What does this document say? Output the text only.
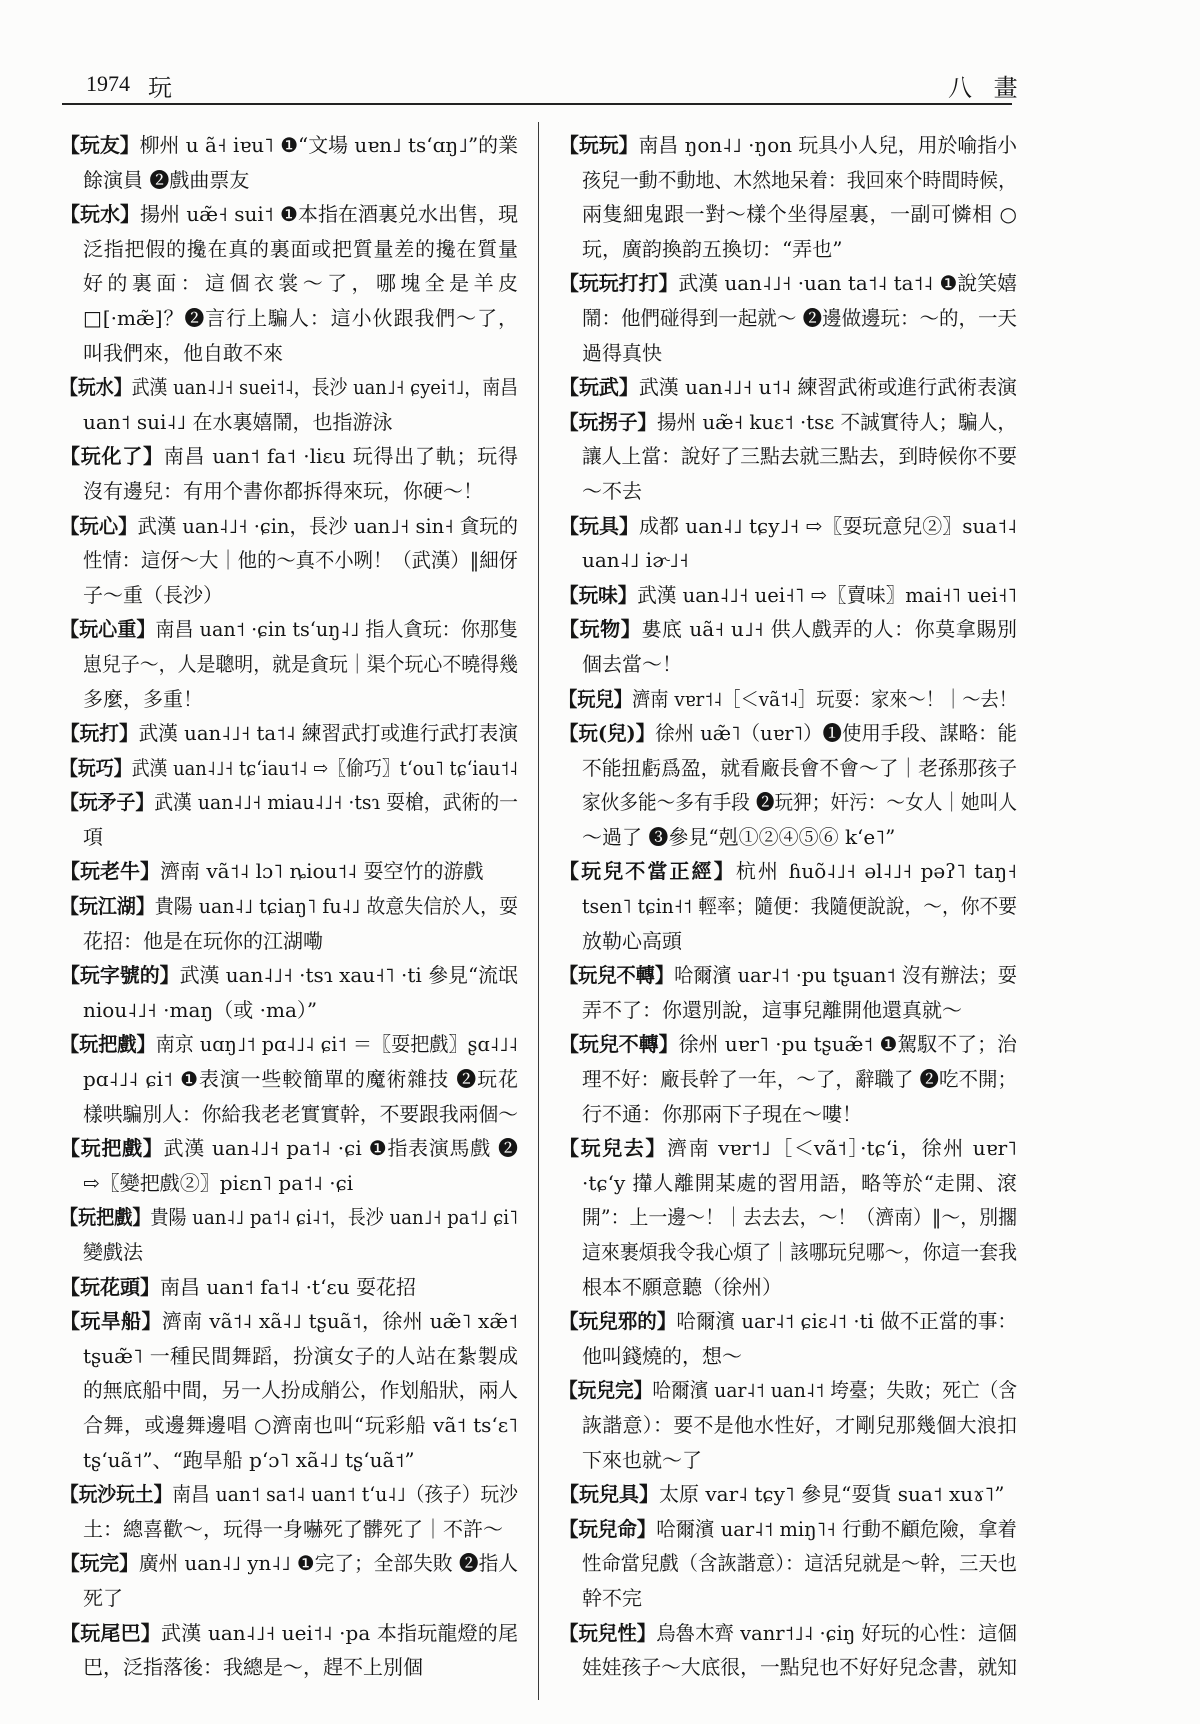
1974 玩	八 畫
【玩友】柳州 u ã˧ iɐu˥ ❶“文場 uɐn˩ tsʻɑŋ˩”的業
餘演員 ❷戲曲票友
【玩水】揚州 uæ̃˧ sui˦ ❶本指在酒裏兑水出售，現
泛指把假的攙在真的裏面或把質量差的攙在質量
好的裏面：這個衣裳～了，哪塊全是羊皮
□[·mæ̃]？❷言行上騙人：這小伙跟我們～了，
叫我們來，他自敢不來
【玩水】武漢 uan˨˩˧ suei˦˨，長沙 uan˩˧ ɕyei˦˩，南昌
uan˦ sui˨˩ 在水裏嬉鬧，也指游泳
【玩化了】南昌 uan˦ fa˦ ·liɛu 玩得出了軌；玩得
沒有邊兒：有用个書你都拆得來玩，你硬～！
【玩心】武漢 uan˨˩˧ ·ɕin，長沙 uan˩˧ sin˧ 貪玩的
性情：這伢～大｜他的～真不小咧！（武漢）‖細伢
子～重（長沙）
【玩心重】南昌 uan˦ ·ɕin tsʻuŋ˨˩ 指人貪玩：你那隻
崽兒子～，人是聰明，就是貪玩｜渠个玩心不曉得幾
多麼，多重！
【玩打】武漢 uan˨˩˧ ta˦˨ 練習武打或進行武打表演
【玩巧】武漢 uan˨˩˧ tɕʻiau˦˨ ⇨〖偷巧〗tʻou˥ tɕʻiau˦˨
【玩矛子】武漢 uan˨˩˧ miau˨˩˧ ·tsɿ 耍槍，武術的一
項
【玩老牛】濟南 vã˦˨ lɔ˥ ȵiou˦˨ 耍空竹的游戲
【玩江湖】貴陽 uan˨˩ tɕiaŋ˥ fu˨˩ 故意失信於人，耍
花招：他是在玩你的江湖嘞
【玩字號的】武漢 uan˨˩˧ ·tsɿ xau˧˥ ·ti 參見“流氓
niou˨˩˧ ·maŋ（或 ·ma）”
【玩把戲】南京 uɑŋ˩˦ pɑ˨˩˨ ɕi˦ ＝〖耍把戲〗ʂɑ˨˩˨
pɑ˨˩˨ ɕi˦ ❶表演一些較簡單的魔術雜技 ❷玩花
樣哄騙別人：你給我老老實實幹，不要跟我兩個～
【玩把戲】武漢 uan˨˩˧ pa˦˨ ·ɕi ❶指表演馬戲 ❷
⇨〖變把戲②〗piɛn˥ pa˦˨ ·ɕi
【玩把戲】貴陽 uan˨˩ pa˦˨ ɕi˨˦，長沙 uan˩˧ pa˦˩ ɕi˥
變戲法
【玩花頭】南昌 uan˦ fa˦˨ ·tʻɛu 耍花招
【玩旱船】濟南 vã˦˨ xã˨˩ tʂuã˦，徐州 uæ̃˥ xæ̃˦
tʂuæ̃˥ 一種民間舞蹈，扮演女子的人站在紮製成
的無底船中間，另一人扮成艄公，作划船狀，兩人
合舞，或邊舞邊唱 ○濟南也叫“玩彩船 vã˦ tsʻɛ˥
tʂʻuã˦”、“跑旱船 pʻɔ˥ xã˨˩ tʂʻuã˦”
【玩沙玩土】南昌 uan˦ sa˦˨ uan˦ tʻu˨˩（孩子）玩沙
土：總喜歡～，玩得一身嚇死了髒死了｜不許～
【玩完】廣州 uan˨˩ yn˨˩ ❶完了；全部失敗 ❷指人
死了
【玩尾巴】武漢 uan˨˩˧ uei˦˨ ·pa 本指玩龍燈的尾
巴，泛指落後：我總是～，趕不上別個
【玩玩】南昌 ŋon˨˩ ·ŋon 玩具小人兒，用於喻指小
孩兒一動不動地、木然地呆着：我回來个時間時候，
兩隻細鬼跟一對～樣个坐得屋裏，一副可憐相 ○
玩，廣韵換韵五換切：“弄也”
【玩玩打打】武漢 uan˨˩˧ ·uan ta˦˨ ta˦˨ ❶說笑嬉
鬧：他們碰得到一起就～ ❷邊做邊玩：～的，一天
過得真快
【玩武】武漢 uan˨˩˧ u˦˨ 練習武術或進行武術表演
【玩拐子】揚州 uæ̃˧ kuɛ˦ ·tsɛ 不誠實待人；騙人，
讓人上當：說好了三點去就三點去，到時候你不要
～不去
【玩具】成都 uan˨˩ tɕy˩˧ ⇨〖耍玩意兒②〗sua˦˨
uan˨˩ iɚ˩˧
【玩味】武漢 uan˨˩˧ uei˧˥ ⇨〖賣味〗mai˧˥ uei˧˥
【玩物】婁底 uã˧ u˩˧ 供人戲弄的人：你莫拿賜別
個去當～！
【玩兒】濟南 vɐr˦˨［＜vã˦˨］玩耍：家來～！｜～去！
【玩(兒)】徐州 uæ̃˥（uɐr˥）❶使用手段、謀略：能
不能扭虧爲盈，就看廠長會不會～了｜老孫那孩子
家伙多能～多有手段 ❷玩狎；奸污：～女人｜她叫人
～過了 ❸參見“剋①②④⑤⑥ kʻe˥”
【玩兒不當正經】杭州 ɦuõ˨˩˧ əl˨˩˧ pəʔ˥ taŋ˧
tsen˥ tɕin˧˦ 輕率；隨便：我隨便說說，～，你不要
放勒心高頭
【玩兒不轉】哈爾濱 uar˨˦ ·pu tʂuan˦ 沒有辦法；耍
弄不了：你還別說，這事兒離開他還真就～
【玩兒不轉】徐州 uɐr˥ ·pu tʂuæ̃˦ ❶駕馭不了；治
理不好：廠長幹了一年，～了，辭職了 ❷吃不開；
行不通：你那兩下子現在～嘍！
【玩兒去】濟南 vɐr˦˩［＜vã˦］·tɕʻi，徐州 uɐr˥
·tɕʻy 攆人離開某處的習用語，略等於“走開、滾
開”：上一邊～！｜去去去，～！（濟南）‖～，別擱
這來裹煩我令我心煩了｜該哪玩兒哪～，你這一套我
根本不願意聽（徐州）
【玩兒邪的】哈爾濱 uar˨˦ ɕiɛ˨˦ ·ti 做不正當的事：
他叫錢燒的，想～
【玩兒完】哈爾濱 uar˨˦ uan˨˦ 垮臺；失敗；死亡（含
詼諧意）：要不是他水性好，才剛兒那幾個大浪扣
下來也就～了
【玩兒具】太原 var˨ tɕy˥ 參見“耍貨 sua˦ xuɤ˥”
【玩兒命】哈爾濱 uar˨˦ miŋ˥˧ 行動不顧危險，拿着
性命當兒戲（含詼諧意）：這活兒就是～幹，三天也
幹不完
【玩兒性】烏魯木齊 vanr˦˩˨ ·ɕiŋ 好玩的心性：這個
娃娃孩子～大底很，一點兒也不好好兒念書，就知
